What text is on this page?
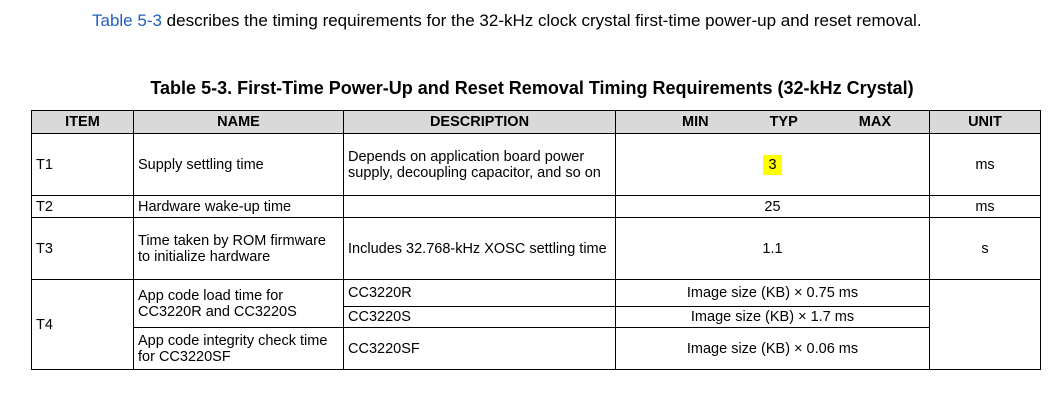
Table 5-3 describes the timing requirements for the 32-kHz clock crystal first-time power-up and reset removal.
Table 5-3. First-Time Power-Up and Reset Removal Timing Requirements (32-kHz Crystal)
ITEM	NAME	DESCRIPTION	MIN TYP MAX	UNIT
T1	Supply settling time	Depends on application board power supply, decoupling capacitor, and so on	3	ms
T2	Hardware wake-up time		25	ms
T3	Time taken by ROM firmware to initialize hardware	Includes 32.768-kHz XOSC settling time	1.1	s
T4	App code load time for CC3220R and CC3220S	CC3220R	Image size (KB) × 0.75 ms	
		CC3220S	Image size (KB) × 1.7 ms	
	App code integrity check time for CC3220SF	CC3220SF	Image size (KB) × 0.06 ms	
